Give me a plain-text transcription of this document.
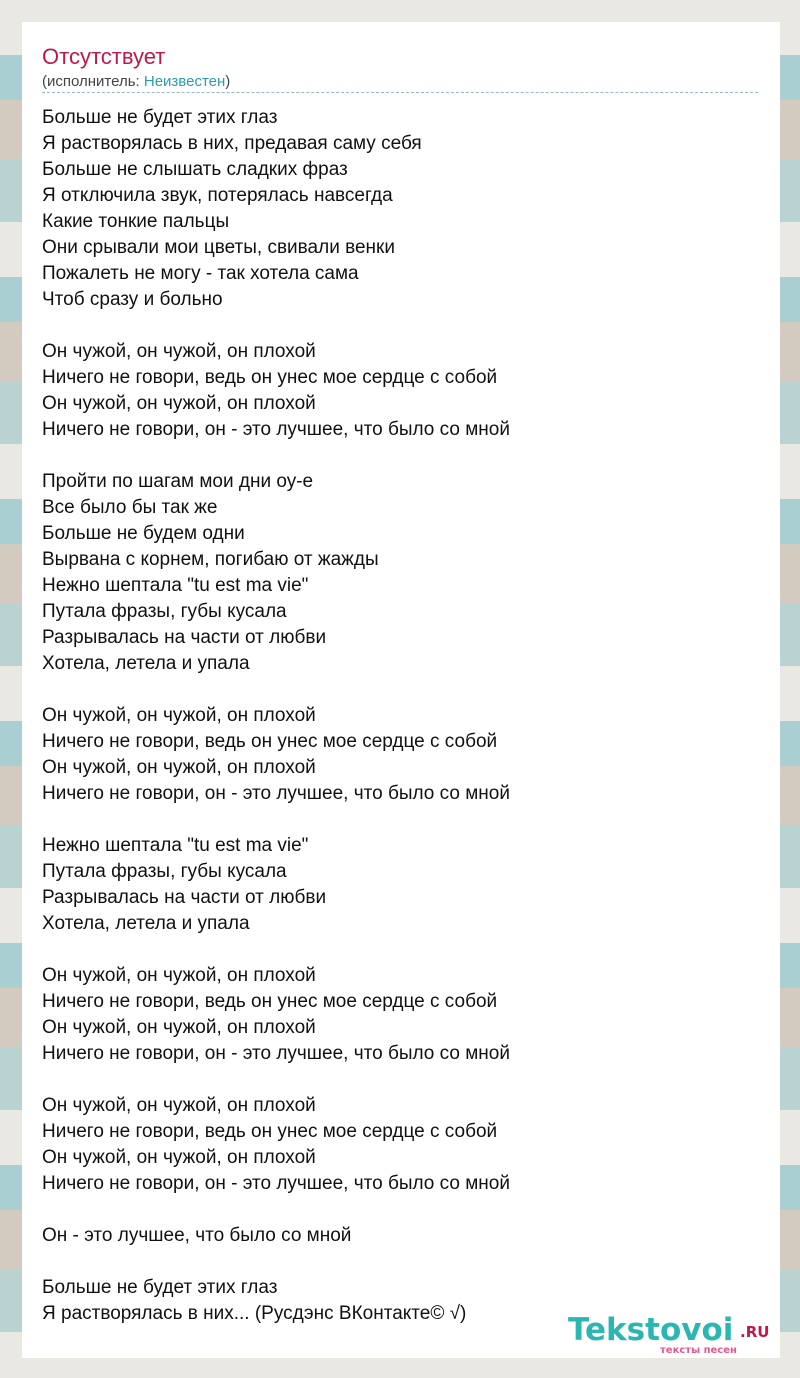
Отсутствует
(исполнитель: Неизвестен)
Больше не будет этих глаз
Я растворялась в них, предавая саму себя
Больше не слышать сладких фраз
Я отключила звук, потерялась навсегда
Какие тонкие пальцы
Они срывали мои цветы, свивали венки
Пожалеть не могу - так хотела сама
Чтоб сразу и больно
Он чужой, он чужой, он плохой
Ничего не говори, ведь он унес мое сердце с собой
Он чужой, он чужой, он плохой
Ничего не говори, он - это лучшее, что было со мной
Пройти по шагам мои дни оу-е
Все было бы так же
Больше не будем одни
Вырвана с корнем, погибаю от жажды
Нежно шептала "tu est ma vie"
Путала фразы, губы кусала
Разрывалась на части от любви
Хотела, летела и упала
Он чужой, он чужой, он плохой
Ничего не говори, ведь он унес мое сердце с собой
Он чужой, он чужой, он плохой
Ничего не говори, он - это лучшее, что было со мной
Нежно шептала "tu est ma vie"
Путала фразы, губы кусала
Разрывалась на части от любви
Хотела, летела и упала
Он чужой, он чужой, он плохой
Ничего не говори, ведь он унес мое сердце с собой
Он чужой, он чужой, он плохой
Ничего не говори, он - это лучшее, что было со мной
Он чужой, он чужой, он плохой
Ничего не говори, ведь он унес мое сердце с собой
Он чужой, он чужой, он плохой
Ничего не говори, он - это лучшее, что было со мной
Он - это лучшее, что было со мной
Больше не будет этих глаз
Я растворялась в них... (Русдэнс ВКонтакте© √)	Tekstovoi .RU
тексты песен
